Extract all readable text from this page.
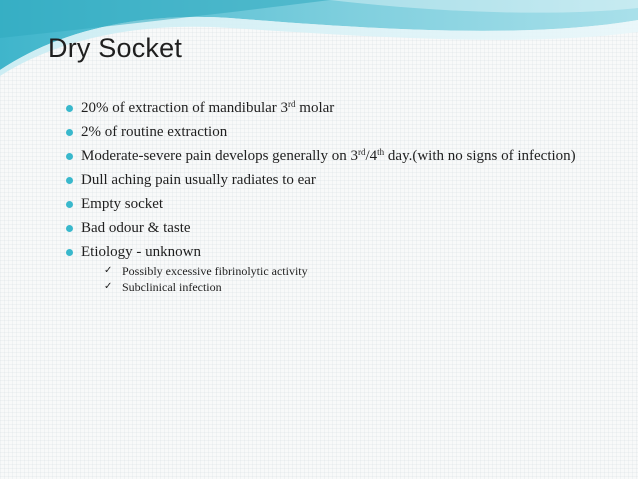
Dry Socket
20% of extraction of mandibular 3rd molar
2% of routine extraction
Moderate-severe pain develops generally on 3rd/4th day.(with no signs of infection)
Dull aching pain usually radiates to ear
Empty socket
Bad odour & taste
Etiology - unknown
✓ Possibly excessive fibrinolytic activity
✓ Subclinical infection
